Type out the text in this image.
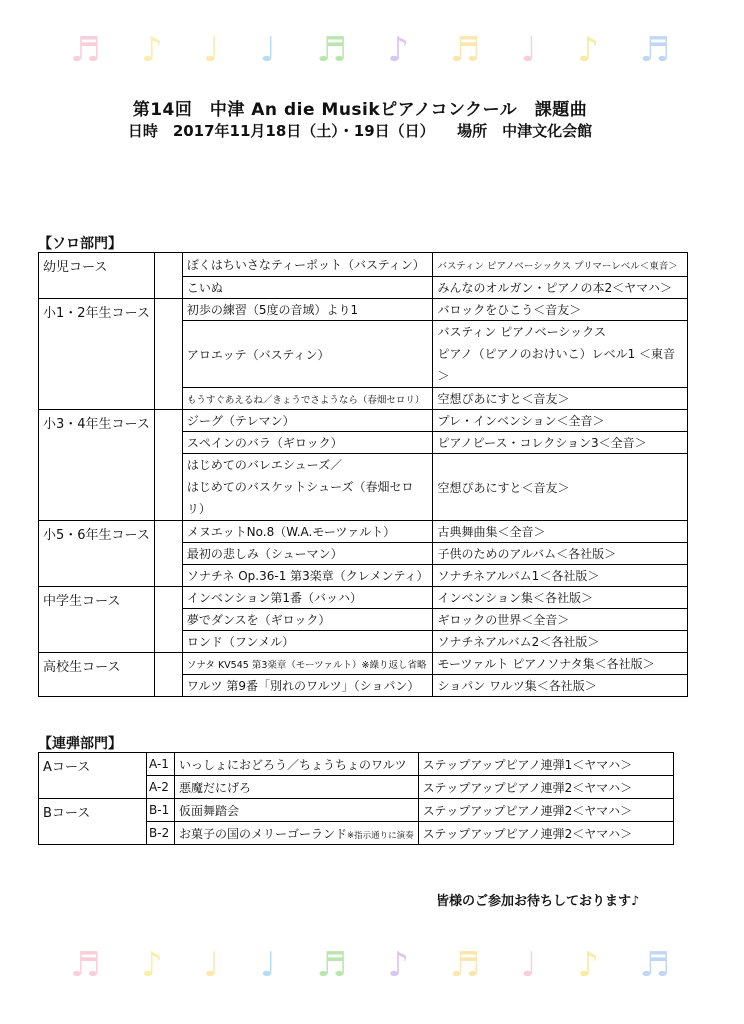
♬ ♪ ♩ ♩ ♬ ♪ ♬ ♩ ♪ ♬
第14回　中津 An die Musikピアノコンクール　課題曲
日時　2017年11月18日（土）・19日（日）　　場所　中津文化会館
【ソロ部門】
幼児コース		ぼくはちいさなティーポット（バスティン）	バスティン ピアノベーシックス プリマーレベル＜東音＞
		こいぬ	みんなのオルガン・ピアノの本2＜ヤマハ＞
小1・2年生コース		初歩の練習（5度の音域）より1	バロックをひこう＜音友＞
		アロエッテ（バスティン）	バスティン ピアノベーシックス
ピアノ（ピアノのおけいこ）レベル1 ＜東音＞
		もうすぐあえるね／きょうでさようなら（春畑セロリ）	空想ぴあにすと＜音友＞
小3・4年生コース		ジーグ（テレマン）	プレ・インベンション＜全音＞
		スペインのバラ（ギロック）	ピアノピース・コレクション3＜全音＞
		はじめてのバレエシューズ／
はじめてのバスケットシューズ（春畑セロリ）	空想ぴあにすと＜音友＞
小5・6年生コース		メヌエットNo.8（W.A.モーツァルト）	古典舞曲集＜全音＞
		最初の悲しみ（シューマン）	子供のためのアルバム＜各社版＞
		ソナチネ Op.36-1 第3楽章（クレメンティ）	ソナチネアルバム1＜各社版＞
中学生コース		インベンション第1番（バッハ）	インベンション集＜各社版＞
		夢でダンスを（ギロック）	ギロックの世界＜全音＞
		ロンド（フンメル）	ソナチネアルバム2＜各社版＞
高校生コース		ソナタ KV545 第3楽章（モーツァルト）※繰り返し省略	モーツァルト ピアノソナタ集＜各社版＞
		ワルツ 第9番「別れのワルツ」（ショパン）	ショパン ワルツ集＜各社版＞
【連弾部門】
Aコース	A-1	いっしょにおどろう／ちょうちょのワルツ	ステップアップピアノ連弾1＜ヤマハ＞
	A-2	悪魔だにげろ	ステップアップピアノ連弾2＜ヤマハ＞
Bコース	B-1	仮面舞踏会	ステップアップピアノ連弾2＜ヤマハ＞
	B-2	お菓子の国のメリーゴーランド※指示通りに演奏	ステップアップピアノ連弾2＜ヤマハ＞
皆様のご参加お待ちしております♪
♬ ♪ ♩ ♩ ♬ ♪ ♬ ♩ ♪ ♬
